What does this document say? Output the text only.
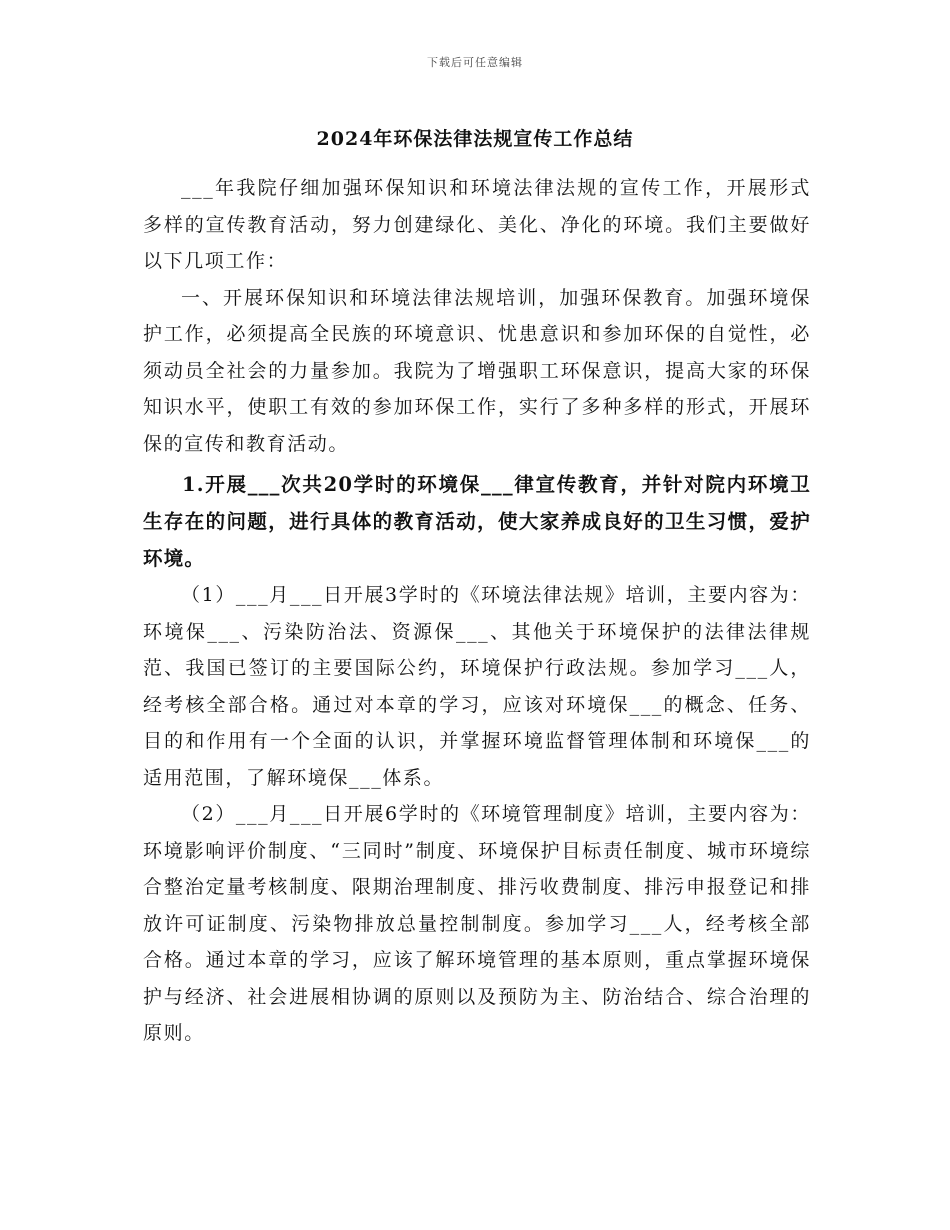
下载后可任意编辑
2024年环保法律法规宣传工作总结

___年我院仔细加强环保知识和环境法律法规的宣传工作，开展形式多样的宣传教育活动，努力创建绿化、美化、净化的环境。我们主要做好以下几项工作：

一、开展环保知识和环境法律法规培训，加强环保教育。加强环境保护工作，必须提高全民族的环境意识、忧患意识和参加环保的自觉性，必须动员全社会的力量参加。我院为了增强职工环保意识，提高大家的环保知识水平，使职工有效的参加环保工作，实行了多种多样的形式，开展环保的宣传和教育活动。

1.开展___次共20学时的环境保___律宣传教育，并针对院内环境卫生存在的问题，进行具体的教育活动，使大家养成良好的卫生习惯，爱护环境。

（1）___月___日开展3学时的《环境法律法规》培训，主要内容为：环境保___、污染防治法、资源保___、其他关于环境保护的法律法律规范、我国已签订的主要国际公约，环境保护行政法规。参加学习___人，经考核全部合格。通过对本章的学习，应该对环境保___的概念、任务、目的和作用有一个全面的认识，并掌握环境监督管理体制和环境保___的适用范围，了解环境保___体系。

（2）___月___日开展6学时的《环境管理制度》培训，主要内容为：环境影响评价制度、“三同时”制度、环境保护目标责任制度、城市环境综合整治定量考核制度、限期治理制度、排污收费制度、排污申报登记和排放许可证制度、污染物排放总量控制制度。参加学习___人，经考核全部合格。通过本章的学习，应该了解环境管理的基本原则，重点掌握环境保护与经济、社会进展相协调的原则以及预防为主、防治结合、综合治理的原则。
